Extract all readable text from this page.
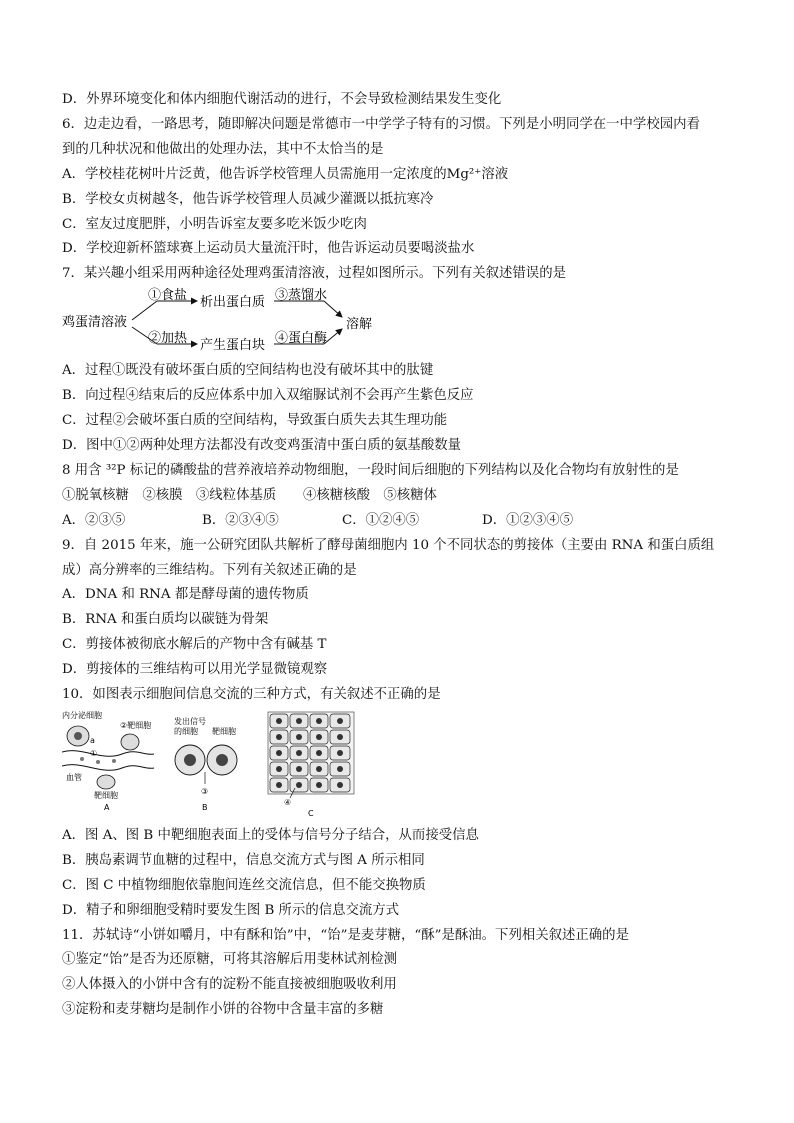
D．外界环境变化和体内细胞代谢活动的进行，不会导致检测结果发生变化
6．边走边看，一路思考，随即解决问题是常德市一中学学子特有的习惯。下列是小明同学在一中学校园内看
到的几种状况和他做出的处理办法，其中不太恰当的是
A．学校桂花树叶片泛黄，他告诉学校管理人员需施用一定浓度的Mg²⁺溶液
B．学校女贞树越冬，他告诉学校管理人员减少灌溉以抵抗寒冷
C．室友过度肥胖，小明告诉室友要多吃米饭少吃肉
D．学校迎新杯篮球赛上运动员大量流汗时，他告诉运动员要喝淡盐水
7．某兴趣小组采用两种途径处理鸡蛋清溶液，过程如图所示。下列有关叙述错误的是
鸡蛋清溶液
①食盐 析出蛋白质
②加热 产生蛋白块
③蒸馏水
④蛋白酶
溶解
A．过程①既没有破坏蛋白质的空间结构也没有破坏其中的肽键
B．向过程④结束后的反应体系中加入双缩脲试剂不会再产生紫色反应
C．过程②会破坏蛋白质的空间结构，导致蛋白质失去其生理功能
D．图中①②两种处理方法都没有改变鸡蛋清中蛋白质的氨基酸数量
8 用含 ³²P 标记的磷酸盐的营养液培养动物细胞，一段时间后细胞的下列结构以及化合物均有放射性的是
①脱氧核糖　②核膜　③线粒体基质　　④核糖核酸　⑤核糖体
A．②③⑤	B．②③④⑤	C．①②④⑤	D．①②③④⑤
9．自 2015 年来，施一公研究团队共解析了酵母菌细胞内 10 个不同状态的剪接体（主要由 RNA 和蛋白质组
成）高分辨率的三维结构。下列有关叙述正确的是
A．DNA 和 RNA 都是酵母菌的遗传物质
B．RNA 和蛋白质均以碳链为骨架
C．剪接体被彻底水解后的产物中含有碱基 T
D．剪接体的三维结构可以用光学显微镜观察
10．如图表示细胞间信息交流的三种方式，有关叙述不正确的是
内分泌细胞
a
②靶细胞
①
血管
靶细胞
A
发出信号
的细胞 靶细胞
③
B
④
C
A．图 A、图 B 中靶细胞表面上的受体与信号分子结合，从而接受信息
B．胰岛素调节血糖的过程中，信息交流方式与图 A 所示相同
C．图 C 中植物细胞依靠胞间连丝交流信息，但不能交换物质
D．精子和卵细胞受精时要发生图 B 所示的信息交流方式
11．苏轼诗“小饼如嚼月，中有酥和饴”中，“饴”是麦芽糖，“酥”是酥油。下列相关叙述正确的是
①鉴定“饴”是否为还原糖，可将其溶解后用斐林试剂检测
②人体摄入的小饼中含有的淀粉不能直接被细胞吸收利用
③淀粉和麦芽糖均是制作小饼的谷物中含量丰富的多糖
